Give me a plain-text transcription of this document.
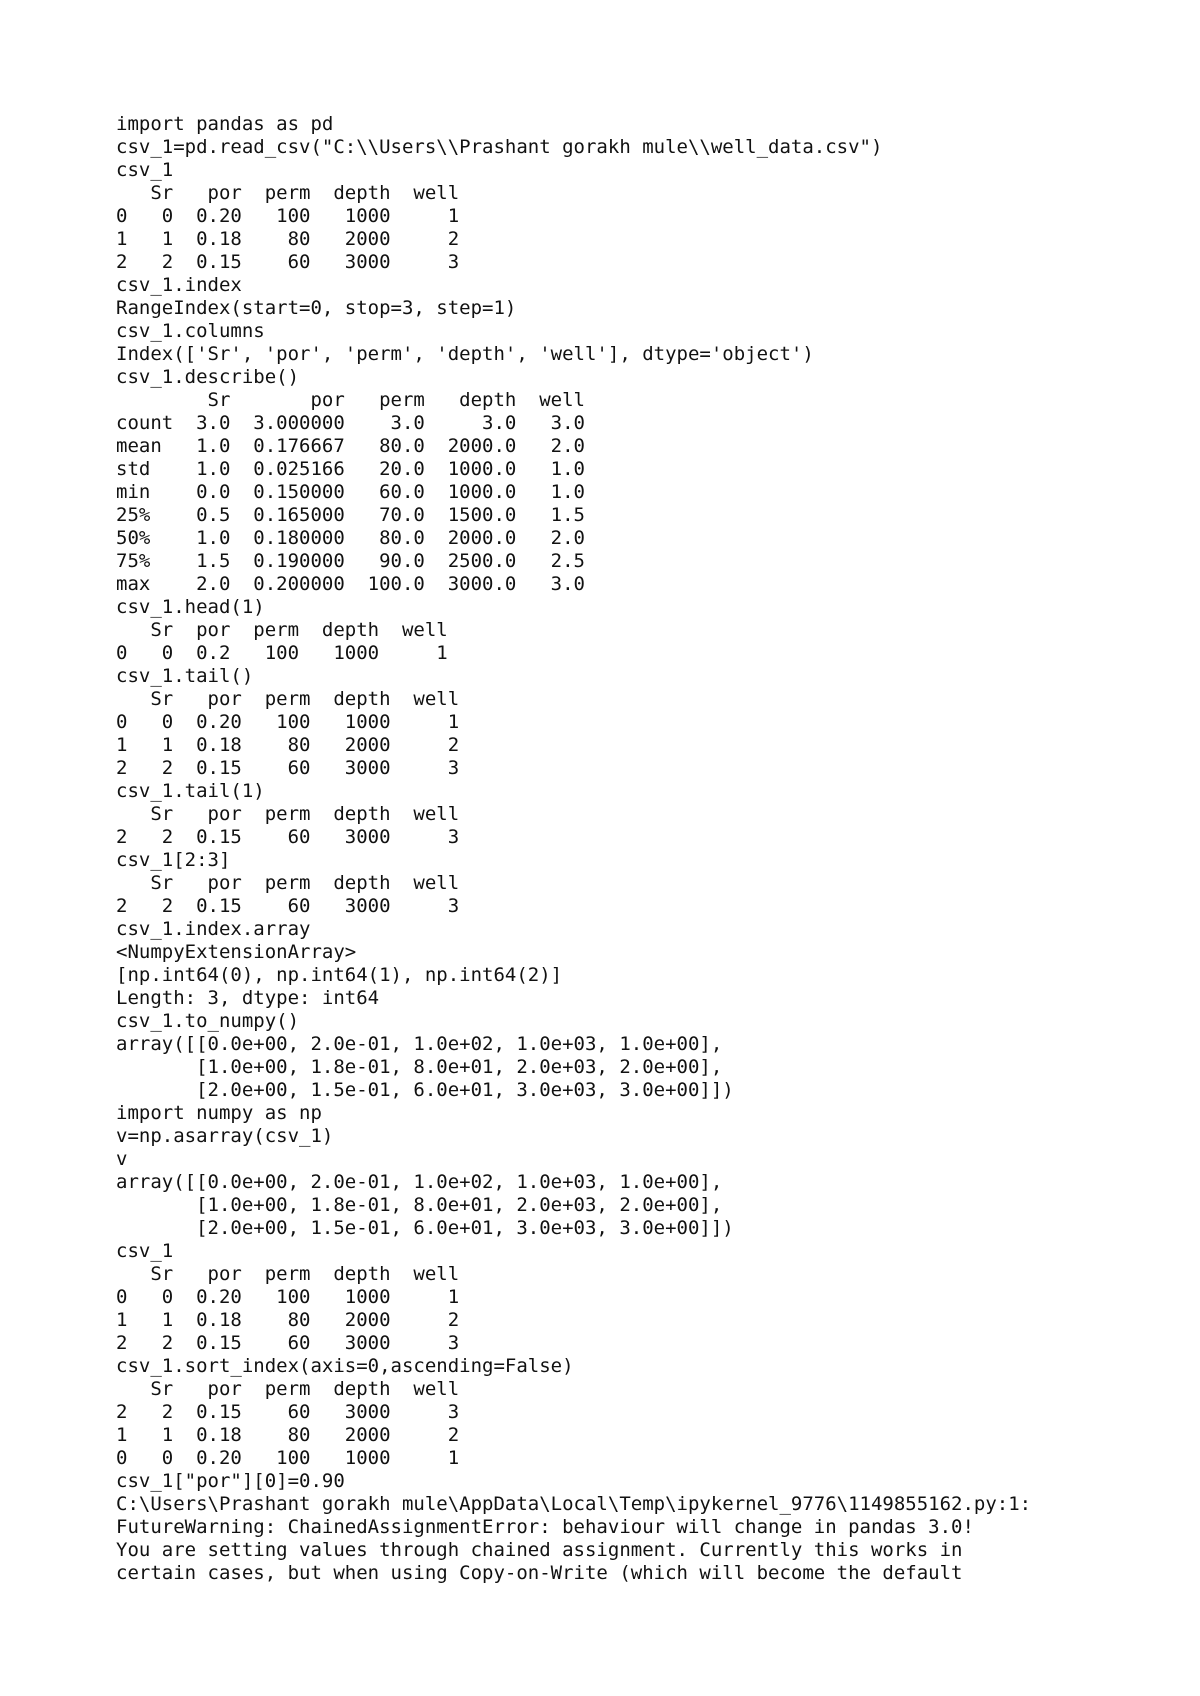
import pandas as pd
csv_1=pd.read_csv("C:\\Users\\Prashant gorakh mule\\well_data.csv")
csv_1
Sr   por  perm  depth  well
0   0  0.20   100   1000     1
1   1  0.18    80   2000     2
2   2  0.15    60   3000     3
csv_1.index
RangeIndex(start=0, stop=3, step=1)
csv_1.columns
Index(['Sr', 'por', 'perm', 'depth', 'well'], dtype='object')
csv_1.describe()
Sr       por   perm   depth  well
count  3.0  3.000000    3.0     3.0   3.0
mean   1.0  0.176667   80.0  2000.0   2.0
std    1.0  0.025166   20.0  1000.0   1.0
min    0.0  0.150000   60.0  1000.0   1.0
25%    0.5  0.165000   70.0  1500.0   1.5
50%    1.0  0.180000   80.0  2000.0   2.0
75%    1.5  0.190000   90.0  2500.0   2.5
max    2.0  0.200000  100.0  3000.0   3.0
csv_1.head(1)
Sr  por  perm  depth  well
0   0  0.2   100   1000     1
csv_1.tail()
Sr   por  perm  depth  well
0   0  0.20   100   1000     1
1   1  0.18    80   2000     2
2   2  0.15    60   3000     3
csv_1.tail(1)
Sr   por  perm  depth  well
2   2  0.15    60   3000     3
csv_1[2:3]
Sr   por  perm  depth  well
2   2  0.15    60   3000     3
csv_1.index.array
<NumpyExtensionArray>
[np.int64(0), np.int64(1), np.int64(2)]
Length: 3, dtype: int64
csv_1.to_numpy()
array([[0.0e+00, 2.0e-01, 1.0e+02, 1.0e+03, 1.0e+00],
[1.0e+00, 1.8e-01, 8.0e+01, 2.0e+03, 2.0e+00],
[2.0e+00, 1.5e-01, 6.0e+01, 3.0e+03, 3.0e+00]])
import numpy as np
v=np.asarray(csv_1)
v
array([[0.0e+00, 2.0e-01, 1.0e+02, 1.0e+03, 1.0e+00],
[1.0e+00, 1.8e-01, 8.0e+01, 2.0e+03, 2.0e+00],
[2.0e+00, 1.5e-01, 6.0e+01, 3.0e+03, 3.0e+00]])
csv_1
Sr   por  perm  depth  well
0   0  0.20   100   1000     1
1   1  0.18    80   2000     2
2   2  0.15    60   3000     3
csv_1.sort_index(axis=0,ascending=False)
Sr   por  perm  depth  well
2   2  0.15    60   3000     3
1   1  0.18    80   2000     2
0   0  0.20   100   1000     1
csv_1["por"][0]=0.90
C:\Users\Prashant gorakh mule\AppData\Local\Temp\ipykernel_9776\1149855162.py:1:
FutureWarning: ChainedAssignmentError: behaviour will change in pandas 3.0!
You are setting values through chained assignment. Currently this works in
certain cases, but when using Copy-on-Write (which will become the default
